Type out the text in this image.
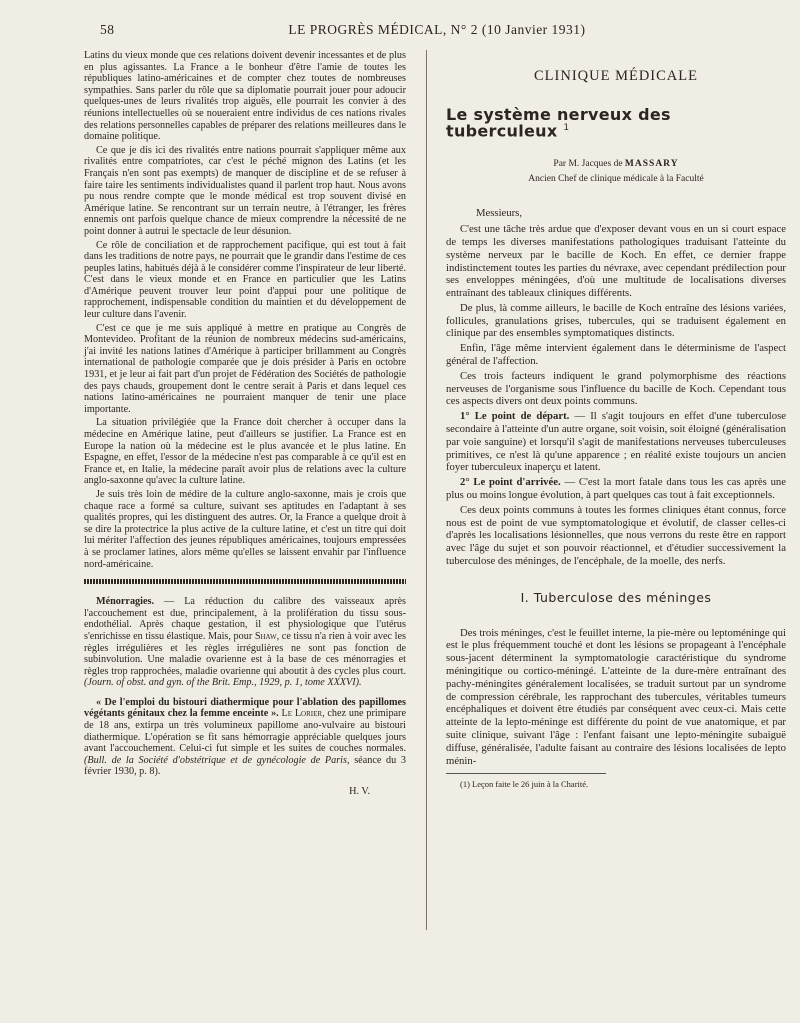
58	LE PROGRÈS MÉDICAL, N° 2 (10 Janvier 1931)

Latins du vieux monde que ces relations doivent devenir incessantes et de plus en plus agissantes. La France a le bonheur d'être l'amie de toutes les républiques latino-américaines et de compter chez toutes de nombreuses sympathies. Sans parler du rôle que sa diplomatie pourrait jouer pour adoucir quelques-unes de leurs rivalités trop aiguës, elle pourrait les convier à des réunions intellectuelles où se noueraient entre individus de ces nations rivales des relations personnelles capables de préparer des relations meilleures dans le domaine politique.

Ce que je dis ici des rivalités entre nations pourrait s'appliquer même aux rivalités entre compatriotes, car c'est le péché mignon des Latins (et les Français n'en sont pas exempts) de manquer de discipline et de se refuser à faire taire les sentiments individualistes quand il parlent trop haut. Nous avons pu nous rendre compte que le monde médical est trop souvent divisé en Amérique latine. Se rencontrant sur un terrain neutre, à l'étranger, les frères ennemis ont parfois quelque chance de mieux comprendre la nécessité de ne point donner à autrui le spectacle de leur désunion.

Ce rôle de conciliation et de rapprochement pacifique, qui est tout à fait dans les traditions de notre pays, ne pourrait que le grandir dans l'estime de ces peuples latins, habitués déjà à le considérer comme l'inspirateur de leur liberté. C'est dans le vieux monde et en France en particulier que les Latins d'Amérique peuvent trouver leur point d'appui pour une politique de rapprochement, indispensable condition du maintien et du développement de leur culture dans l'avenir.

C'est ce que je me suis appliqué à mettre en pratique au Congrès de Montevideo. Profitant de la réunion de nombreux médecins sud-américains, j'ai invité les nations latines d'Amérique à participer brillamment au Congrès international de pathologie comparée que je dois présider à Paris en octobre 1931, et je leur ai fait part d'un projet de Fédération des Sociétés de pathologie des pays chauds, groupement dont le centre serait à Paris et dans lequel ces nations latino-américaines ne pourraient manquer de tenir une place importante.

La situation privilégiée que la France doit chercher à occuper dans la médecine en Amérique latine, peut d'ailleurs se justifier. La France est en Europe la nation où la médecine est le plus avancée et le plus latine. En Espagne, en effet, l'essor de la médecine n'est pas comparable à ce qu'il est en France et, en Italie, la médecine paraît avoir plus de relations avec la culture anglo-saxonne qu'avec la culture latine.

Je suis très loin de médire de la culture anglo-saxonne, mais je crois que chaque race a formé sa culture, suivant ses aptitudes en l'adaptant à ses qualités propres, qui les distinguent des autres. Or, la France a quelque droit à se dire la protectrice la plus active de la culture latine, et c'est un titre qui doit lui mériter l'affection des jeunes républiques américaines, toujours empressées à se proclamer latines, alors même qu'elles se laissent envahir par l'influence nord-américaine.

Ménorragies. — La réduction du calibre des vaisseaux après l'accouchement est due, principalement, à la prolifération du tissu sous-endothélial. Après chaque gestation, il est physiologique que l'utérus s'enrichisse en tissu élastique. Mais, pour Shaw, ce tissu n'a rien à voir avec les règles irrégulières et les règles irrégulières ne sont pas fonction de subinvolution. Une maladie ovarienne est à la base de ces ménorragies et règles trop rapprochées, maladie ovarienne qui aboutit à des cycles plus court. (Journ. of obst. and gyn. of the Brit. Emp., 1929, p. 1, tome XXXVI).

« De l'emploi du bistouri diathermique pour l'ablation des papillomes végétants génitaux chez la femme enceinte ». Le Lorier, chez une primipare de 18 ans, extirpa un très volumineux papillome ano-vulvaire au bistouri diathermique. L'opération se fit sans hémorragie appréciable quelques jours avant l'accouchement. Celui-ci fut simple et les suites de couches normales. (Bull. de la Société d'obstétrique et de gynécologie de Paris, séance du 3 février 1930, p. 8).

H. V.
CLINIQUE MÉDICALE
Le système nerveux des tuberculeux $^1$
Par M. Jacques de MASSARY
Ancien Chef de clinique médicale à la Faculté
Messieurs,

C'est une tâche très ardue que d'exposer devant vous en un si court espace de temps les diverses manifestations pathologiques traduisant l'atteinte du système nerveux par le bacille de Koch. En effet, ce dernier frappe indistinctement toutes les parties du névraxe, avec cependant prédilection pour ses enveloppes méningées, d'où une multitude de localisations diverses entraînant des tableaux cliniques différents.

De plus, là comme ailleurs, le bacille de Koch entraîne des lésions variées, follicules, granulations grises, tubercules, qui se traduisent également en clinique par des ensembles symptomatiques distincts.

Enfin, l'âge même intervient également dans le déterminisme de l'aspect général de l'affection.

Ces trois facteurs indiquent le grand polymorphisme des réactions nerveuses de l'organisme sous l'influence du bacille de Koch. Cependant tous ces aspects divers ont deux points communs.

1° Le point de départ. — Il s'agit toujours en effet d'une tuberculose secondaire à l'atteinte d'un autre organe, soit voisin, soit éloigné (généralisation par voie sanguine) et lorsqu'il s'agit de manifestations nerveuses tuberculeuses primitives, ce n'est là qu'une apparence ; en réalité existe toujours un ancien foyer tuberculeux inaperçu et latent.

2° Le point d'arrivée. — C'est la mort fatale dans tous les cas après une plus ou moins longue évolution, à part quelques cas tout à fait exceptionnels.

Ces deux points communs à toutes les formes cliniques étant connus, force nous est de point de vue symptomatologique et évolutif, de classer celles-ci d'après les localisations lésionnelles, que nous verrons du reste être en rapport avec l'âge du sujet et son pouvoir réactionnel, et d'étudier successivement la tuberculose des méninges, de l'encéphale, de la moelle, des nerfs.

I. Tuberculose des méninges

Des trois méninges, c'est le feuillet interne, la pie-mère ou leptoméninge qui est le plus fréquemment touché et dont les lésions se propageant à l'encéphale sous-jacent déterminent la symptomatologie caractéristique du syndrome méningitique ou cortico-méningé. L'atteinte de la dure-mère entraînant des pachy-méningites généralement localisées, se traduit surtout par un syndrome de compression cérébrale, les rapprochant des tubercules, véritables tumeurs encéphaliques et doivent être étudiés par conséquent avec ceux-ci. Mais cette atteinte de la lepto-méninge est différente du point de vue anatomique, et par suite clinique, suivant l'âge : l'enfant faisant une lepto-méningite subaiguë diffuse, généralisée, l'adulte faisant au contraire des lésions localisées de lepto ménin-

(1) Leçon faite le 26 juin à la Charité.
